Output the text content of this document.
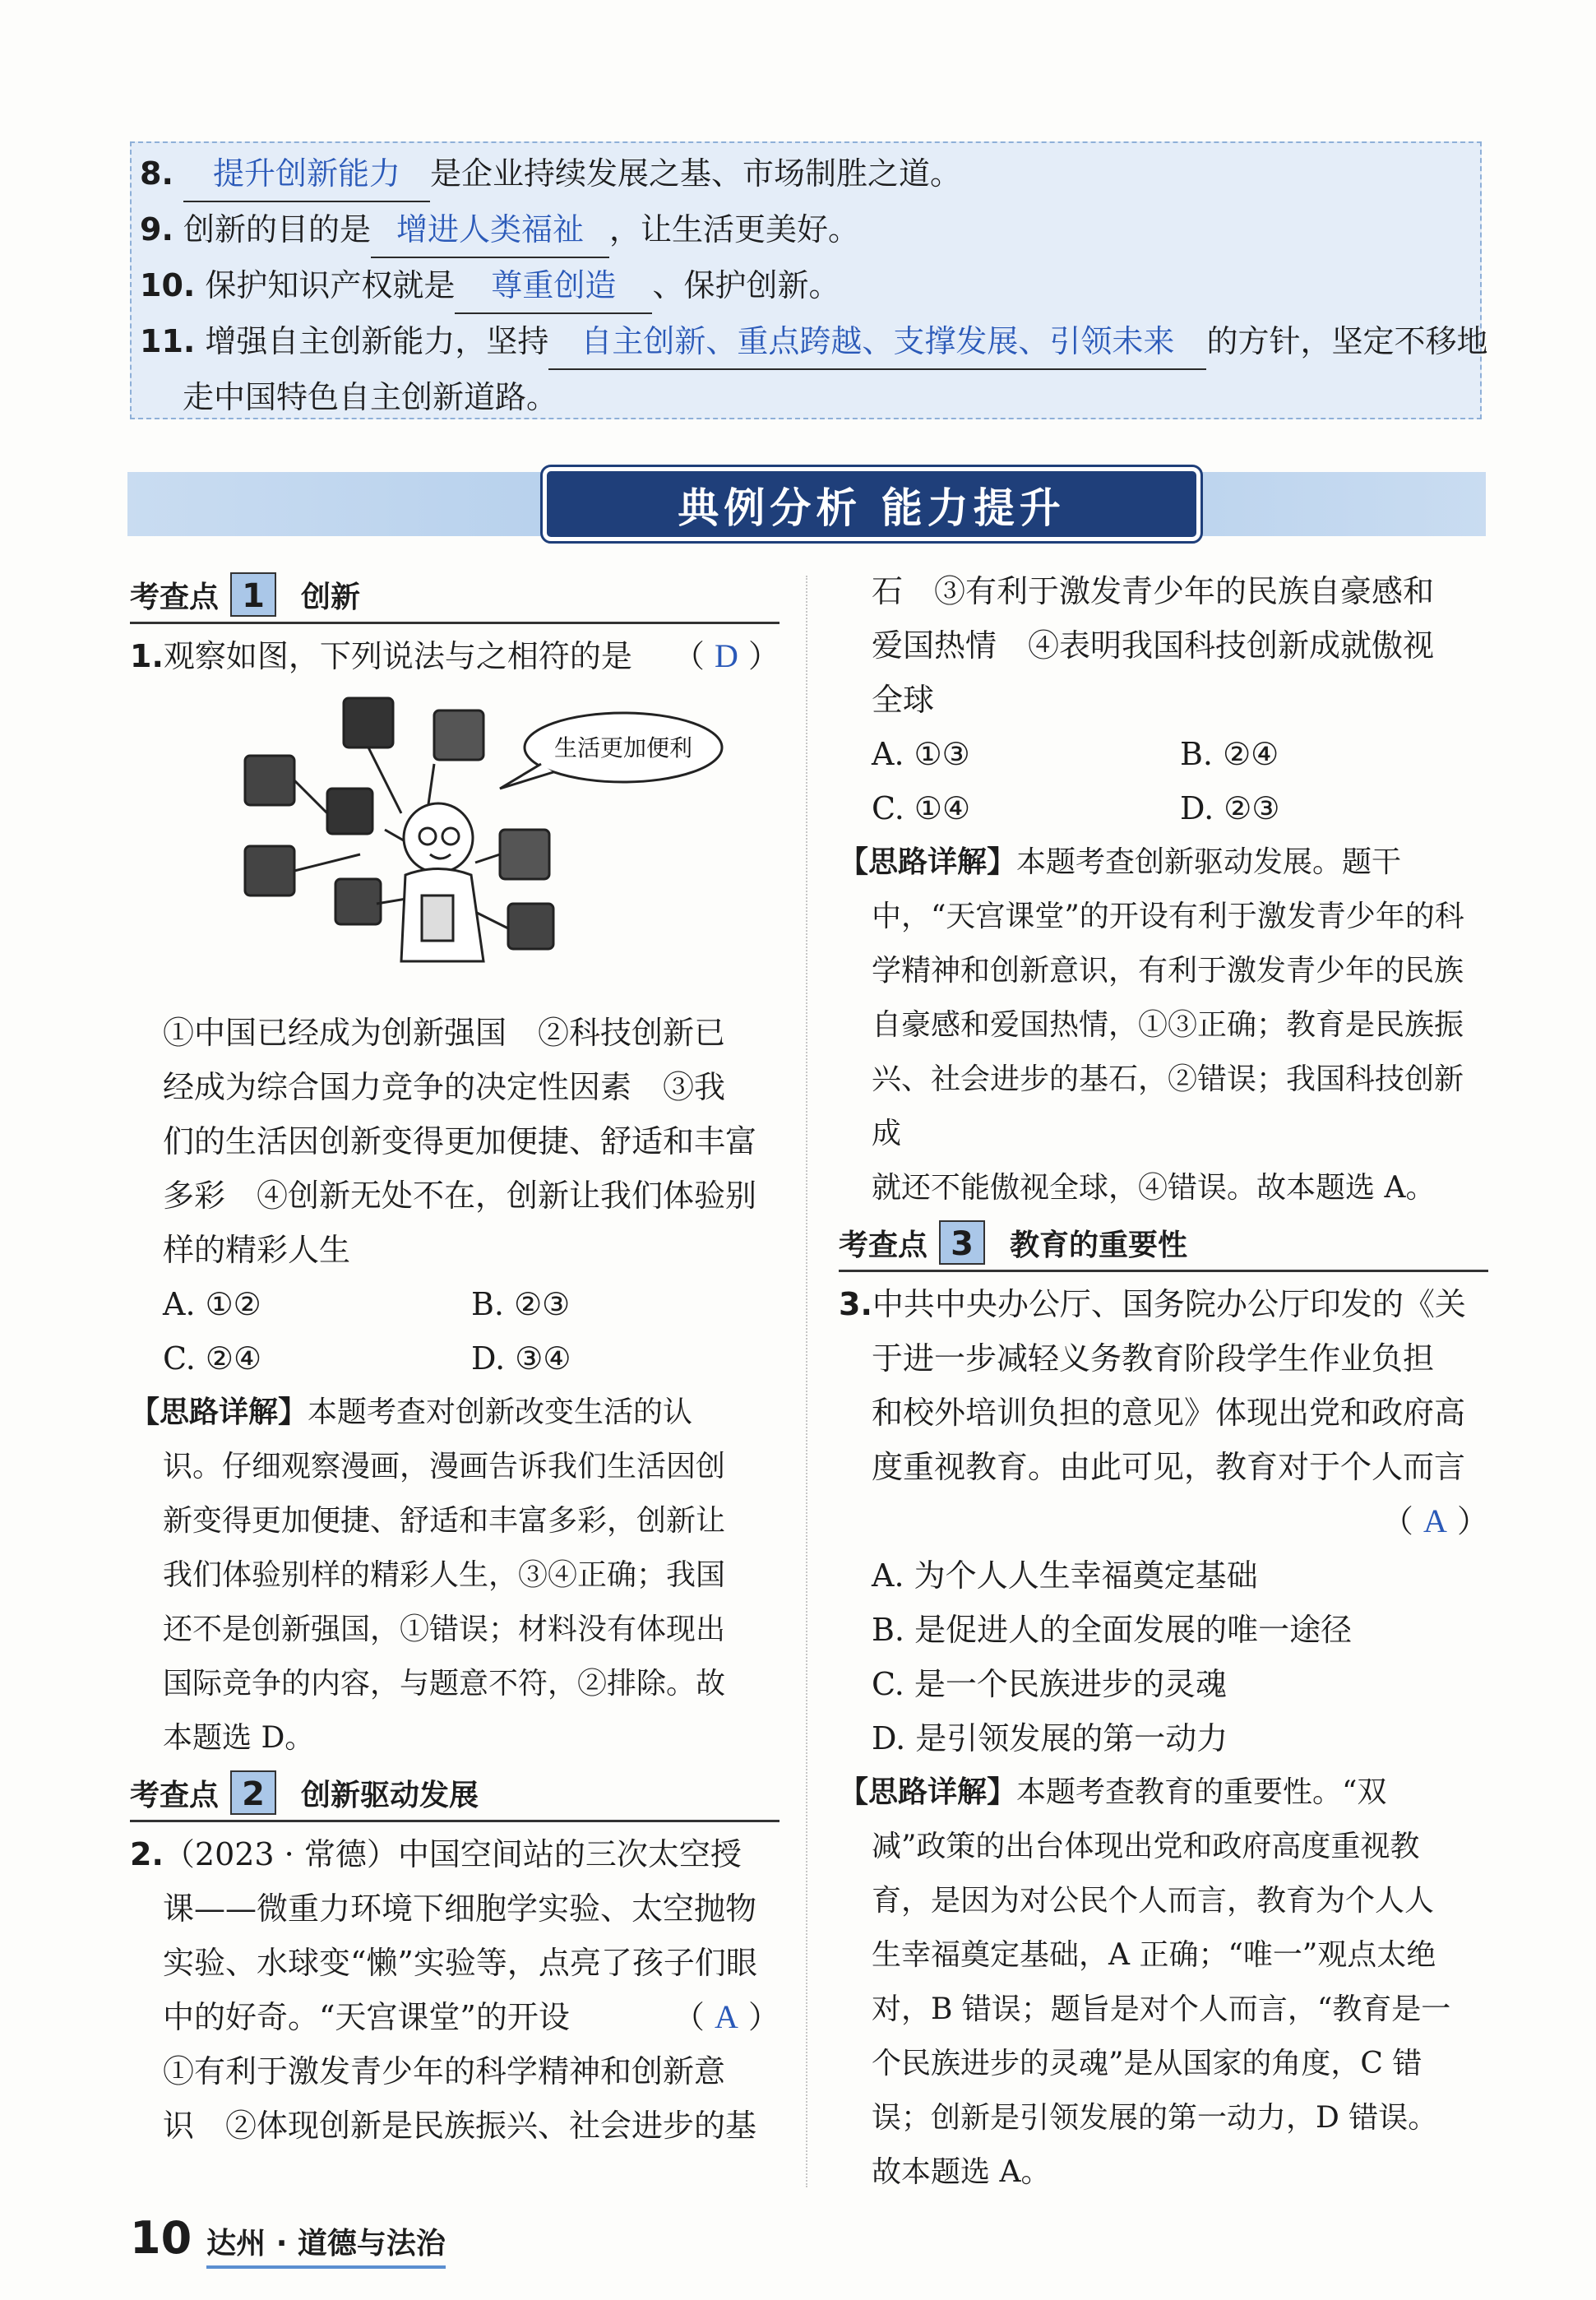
8. 提升创新能力 是企业持续发展之基、市场制胜之道。
9. 创新的目的是 增进人类福祉 ，让生活更美好。
10. 保护知识产权就是 尊重创造 、保护创新。
11. 增强自主创新能力，坚持 自主创新、重点跨越、支撑发展、引领未来 的方针，坚定不移地
走中国特色自主创新道路。
典例分析 能力提升
考查点 1	创新
1.观察如图，下列说法与之相符的是 （ D ）
生活更加便利
①中国已经成为创新强国　②科技创新已
经成为综合国力竞争的决定性因素　③我
们的生活因创新变得更加便捷、舒适和丰富
多彩　④创新无处不在，创新让我们体验别
样的精彩人生
A. ①②	B. ②③
C. ②④	D. ③④
【思路详解】本题考查对创新改变生活的认
识。仔细观察漫画，漫画告诉我们生活因创
新变得更加便捷、舒适和丰富多彩，创新让
我们体验别样的精彩人生，③④正确；我国
还不是创新强国，①错误；材料没有体现出
国际竞争的内容，与题意不符，②排除。故
本题选 D。
考查点 2	创新驱动发展
2.（2023 · 常德）中国空间站的三次太空授
课——微重力环境下细胞学实验、太空抛物
实验、水球变“懒”实验等，点亮了孩子们眼
中的好奇。“天宫课堂”的开设	（ A ）
①有利于激发青少年的科学精神和创新意
识　②体现创新是民族振兴、社会进步的基
石　③有利于激发青少年的民族自豪感和
爱国热情　④表明我国科技创新成就傲视
全球
A. ①③	B. ②④
C. ①④	D. ②③
【思路详解】本题考查创新驱动发展。题干
中，“天宫课堂”的开设有利于激发青少年的科
学精神和创新意识，有利于激发青少年的民族
自豪感和爱国热情，①③正确；教育是民族振
兴、社会进步的基石，②错误；我国科技创新成
就还不能傲视全球，④错误。故本题选 A。
考查点 3	教育的重要性
3.中共中央办公厅、国务院办公厅印发的《关
于进一步减轻义务教育阶段学生作业负担
和校外培训负担的意见》体现出党和政府高
度重视教育。由此可见，教育对于个人而言
（ A ）
A. 为个人人生幸福奠定基础
B. 是促进人的全面发展的唯一途径
C. 是一个民族进步的灵魂
D. 是引领发展的第一动力
【思路详解】本题考查教育的重要性。“双
减”政策的出台体现出党和政府高度重视教
育，是因为对公民个人而言，教育为个人人
生幸福奠定基础，A 正确；“唯一”观点太绝
对，B 错误；题旨是对个人而言，“教育是一
个民族进步的灵魂”是从国家的角度，C 错
误；创新是引领发展的第一动力，D 错误。
故本题选 A。
10 达州 · 道德与法治
